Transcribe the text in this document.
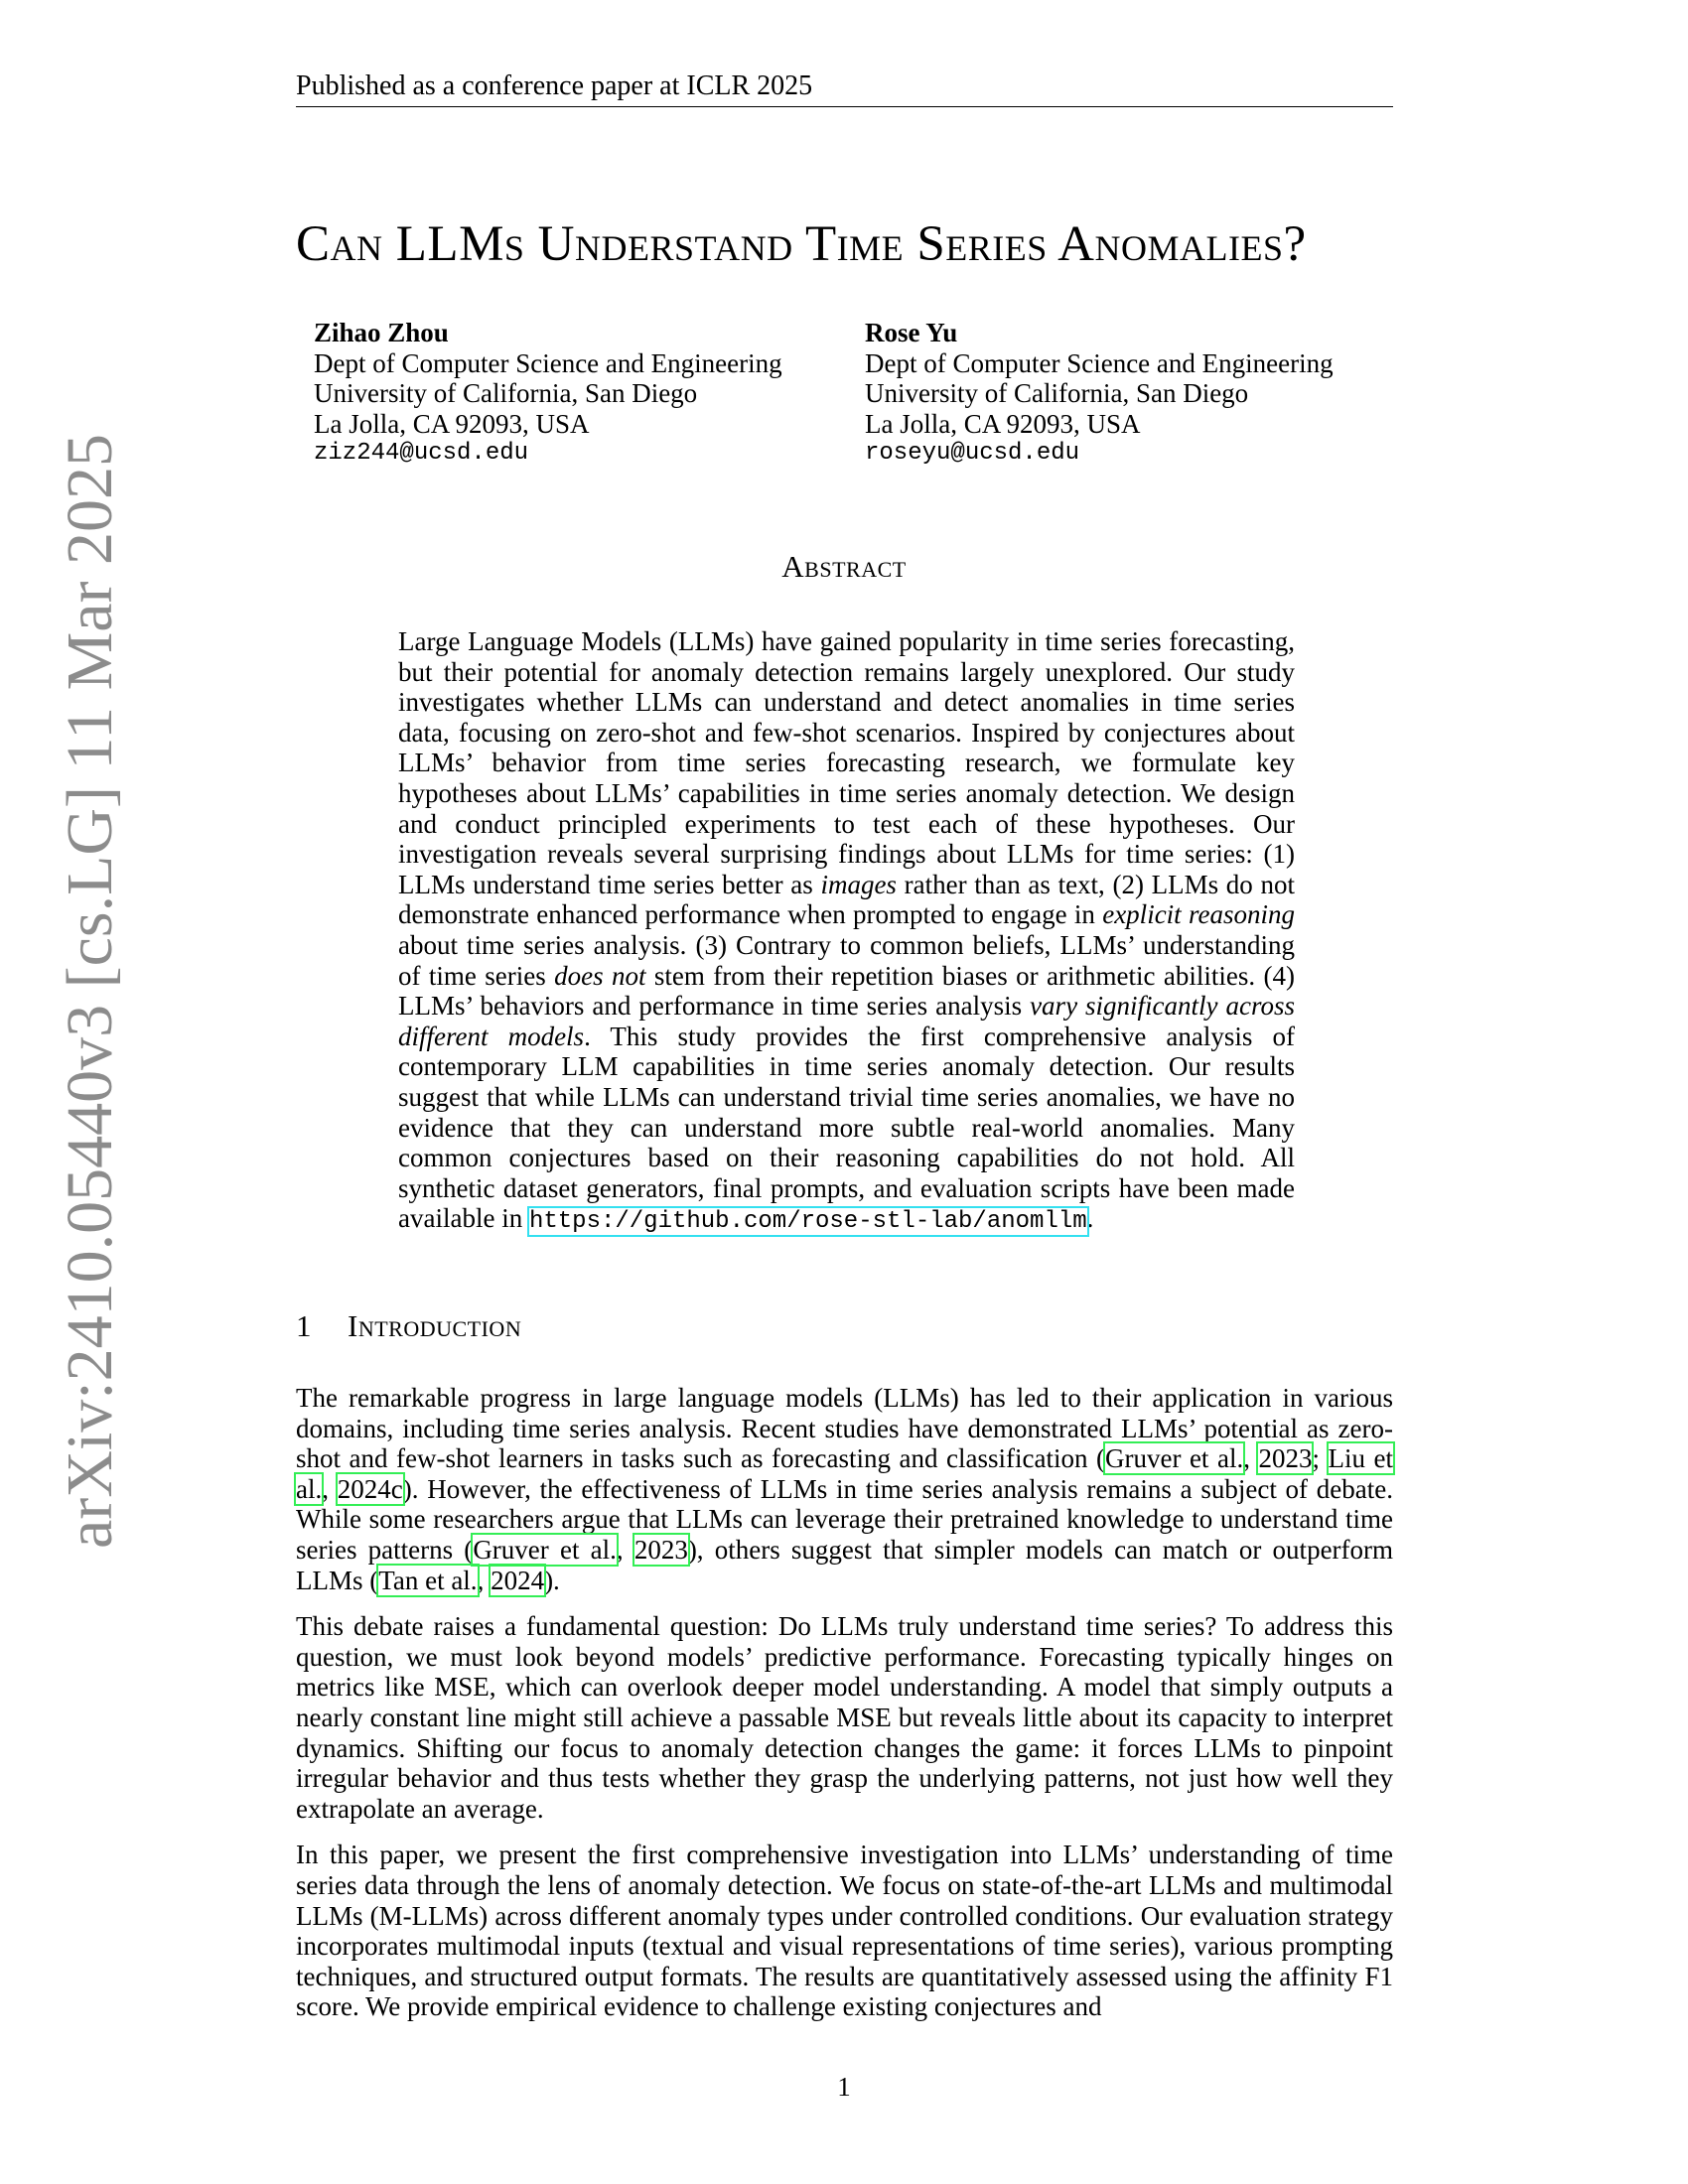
Published as a conference paper at ICLR 2025
Can LLMs Understand Time Series Anomalies?
Zihao Zhou
Dept of Computer Science and Engineering
University of California, San Diego
La Jolla, CA 92093, USA
ziz244@ucsd.edu
Rose Yu
Dept of Computer Science and Engineering
University of California, San Diego
La Jolla, CA 92093, USA
roseyu@ucsd.edu
Abstract
Large Language Models (LLMs) have gained popularity in time series forecasting, but their potential for anomaly detection remains largely unexplored. Our study investigates whether LLMs can understand and detect anomalies in time series data, focusing on zero-shot and few-shot scenarios. Inspired by conjectures about LLMs’ behavior from time series forecasting research, we formulate key hypotheses about LLMs’ capabilities in time series anomaly detection. We design and conduct principled experiments to test each of these hypotheses. Our investigation reveals several surprising findings about LLMs for time series: (1) LLMs understand time series better as images rather than as text, (2) LLMs do not demonstrate enhanced performance when prompted to engage in explicit reasoning about time series analysis. (3) Contrary to common beliefs, LLMs’ understanding of time series does not stem from their repetition biases or arithmetic abilities. (4) LLMs’ behaviors and performance in time series analysis vary significantly across different models. This study provides the first comprehensive analysis of contemporary LLM capabilities in time series anomaly detection. Our results suggest that while LLMs can understand trivial time series anomalies, we have no evidence that they can understand more subtle real-world anomalies. Many common conjectures based on their reasoning capabilities do not hold. All synthetic dataset generators, final prompts, and evaluation scripts have been made available in https://github.com/rose-stl-lab/anomllm.
1 Introduction

The remarkable progress in large language models (LLMs) has led to their application in various domains, including time series analysis. Recent studies have demonstrated LLMs’ potential as zero-shot and few-shot learners in tasks such as forecasting and classification (Gruver et al., 2023; Liu et al., 2024c). However, the effectiveness of LLMs in time series analysis remains a subject of debate. While some researchers argue that LLMs can leverage their pretrained knowledge to understand time series patterns (Gruver et al., 2023), others suggest that simpler models can match or outperform LLMs (Tan et al., 2024).

This debate raises a fundamental question: Do LLMs truly understand time series? To address this question, we must look beyond models’ predictive performance. Forecasting typically hinges on metrics like MSE, which can overlook deeper model understanding. A model that simply outputs a nearly constant line might still achieve a passable MSE but reveals little about its capacity to interpret dynamics. Shifting our focus to anomaly detection changes the game: it forces LLMs to pinpoint irregular behavior and thus tests whether they grasp the underlying patterns, not just how well they extrapolate an average.

In this paper, we present the first comprehensive investigation into LLMs’ understanding of time series data through the lens of anomaly detection. We focus on state-of-the-art LLMs and multimodal LLMs (M-LLMs) across different anomaly types under controlled conditions. Our evaluation strategy incorporates multimodal inputs (textual and visual representations of time series), various prompting techniques, and structured output formats. The results are quantitatively assessed using the affinity F1 score. We provide empirical evidence to challenge existing conjectures and

arXiv:2410.05440v3 [cs.LG] 11 Mar 2025
1
